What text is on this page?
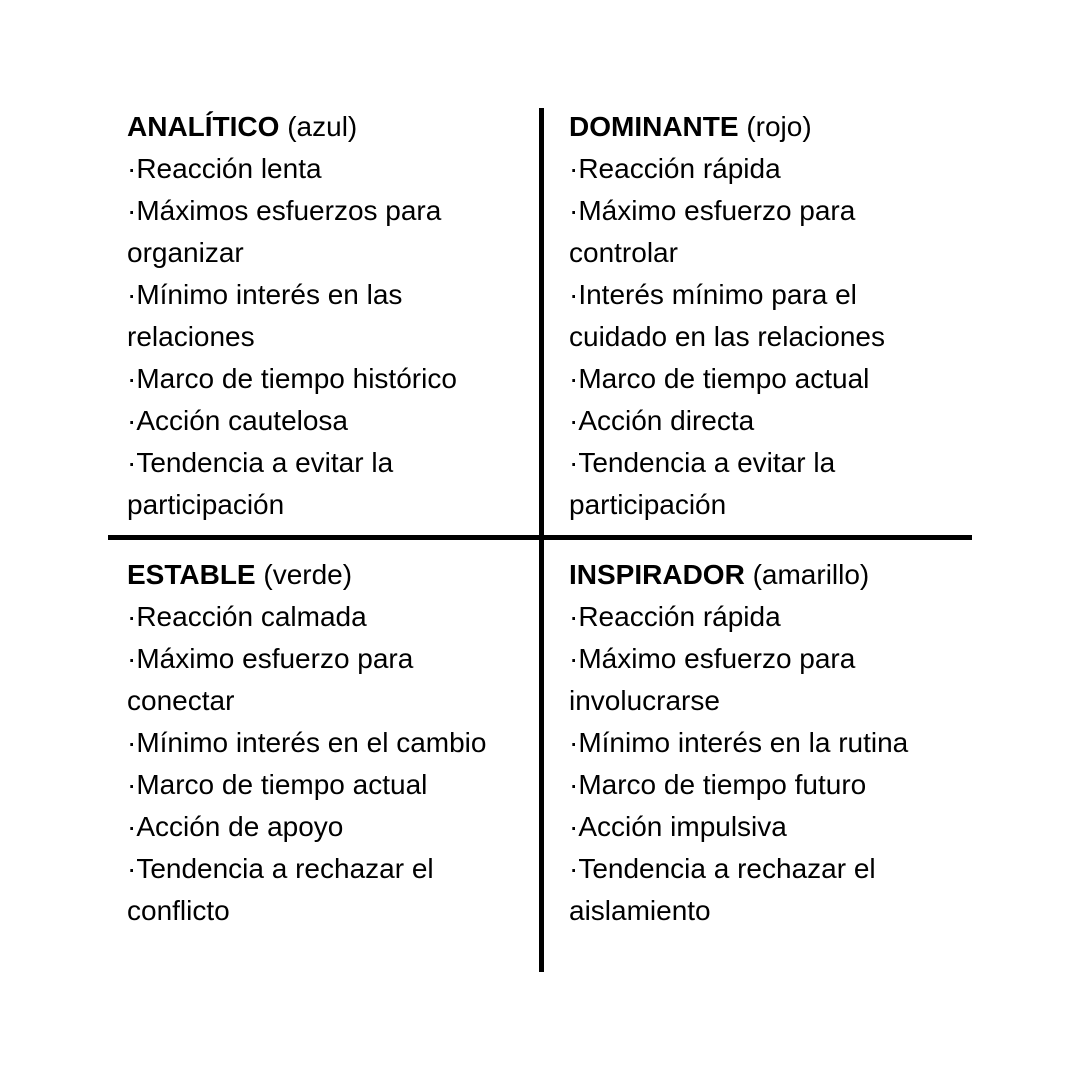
ANALÍTICO (azul)
·Reacción lenta
·Máximos esfuerzos para
organizar
·Mínimo interés en las
relaciones
·Marco de tiempo histórico
·Acción cautelosa
·Tendencia a evitar la
participación
DOMINANTE (rojo)
·Reacción rápida
·Máximo esfuerzo para
controlar
·Interés mínimo para el
cuidado en las relaciones
·Marco de tiempo actual
·Acción directa
·Tendencia a evitar la
participación
ESTABLE (verde)
·Reacción calmada
·Máximo esfuerzo para
conectar
·Mínimo interés en el cambio
·Marco de tiempo actual
·Acción de apoyo
·Tendencia a rechazar el
conflicto
INSPIRADOR (amarillo)
·Reacción rápida
·Máximo esfuerzo para
involucrarse
·Mínimo interés en la rutina
·Marco de tiempo futuro
·Acción impulsiva
·Tendencia a rechazar el
aislamiento
